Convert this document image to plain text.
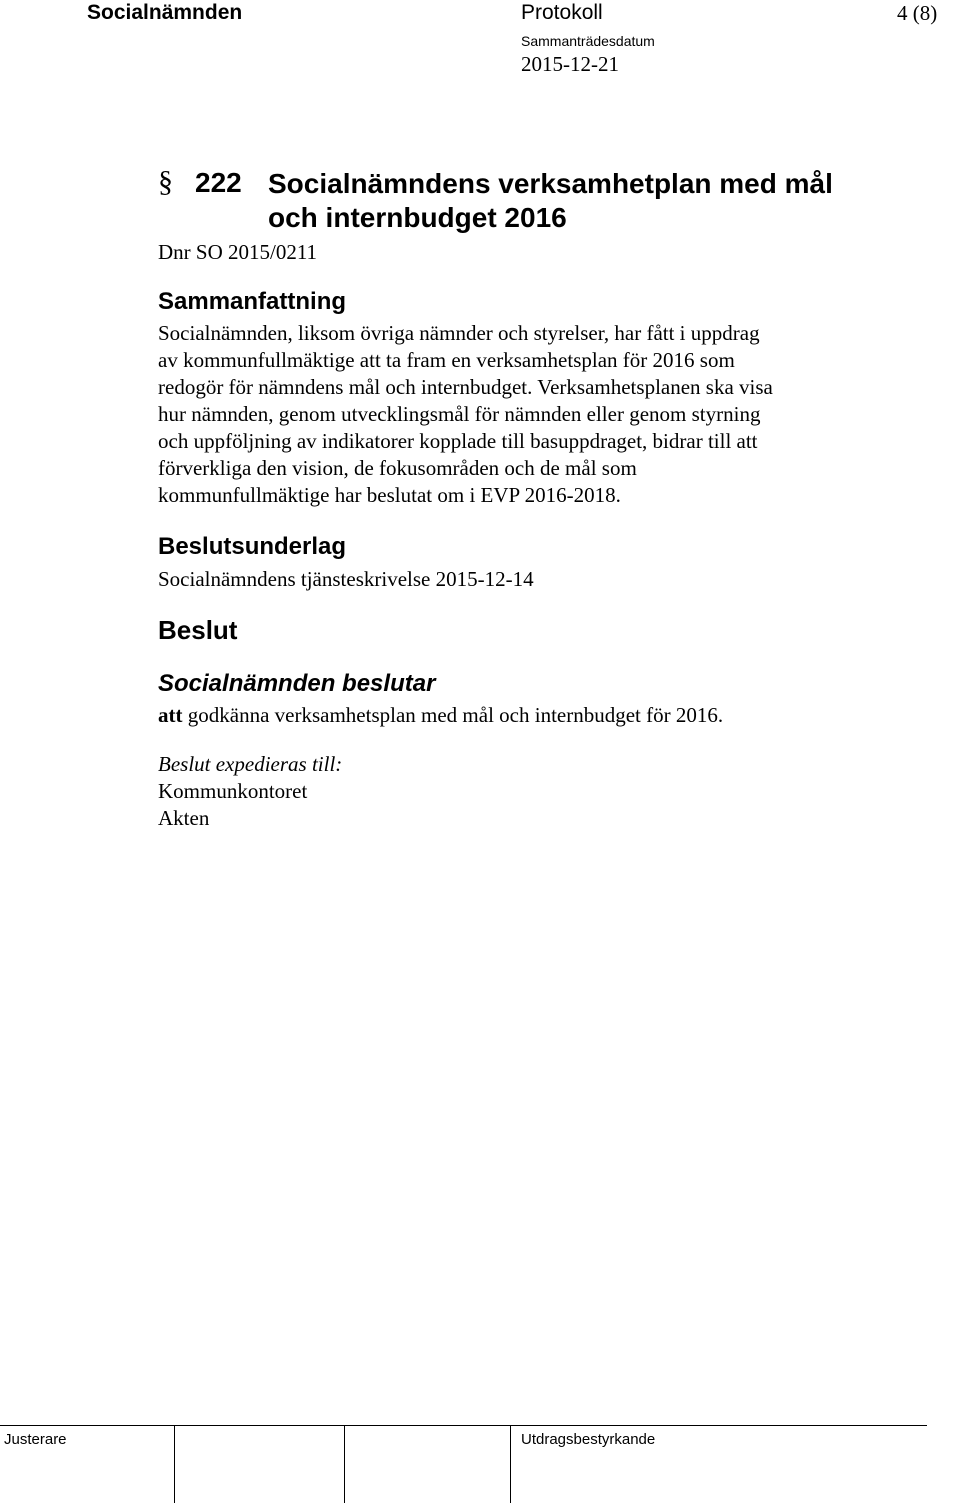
Socialnämnden	Protokoll	4 (8)
Sammanträdesdatum
2015-12-21
§ 222 Socialnämndens verksamhetplan med mål och internbudget 2016
Dnr SO 2015/0211
Sammanfattning
Socialnämnden, liksom övriga nämnder och styrelser, har fått i uppdrag
av kommunfullmäktige att ta fram en verksamhetsplan för 2016 som
redogör för nämndens mål och internbudget. Verksamhetsplanen ska visa
hur nämnden, genom utvecklingsmål för nämnden eller genom styrning
och uppföljning av indikatorer kopplade till basuppdraget, bidrar till att
förverkliga den vision, de fokusområden och de mål som
kommunfullmäktige har beslutat om i EVP 2016-2018.
Beslutsunderlag
Socialnämndens tjänsteskrivelse 2015-12-14
Beslut
Socialnämnden beslutar
att godkänna verksamhetsplan med mål och internbudget för 2016.
Beslut expedieras till:
Kommunkontoret
Akten
Justerare	Utdragsbestyrkande
